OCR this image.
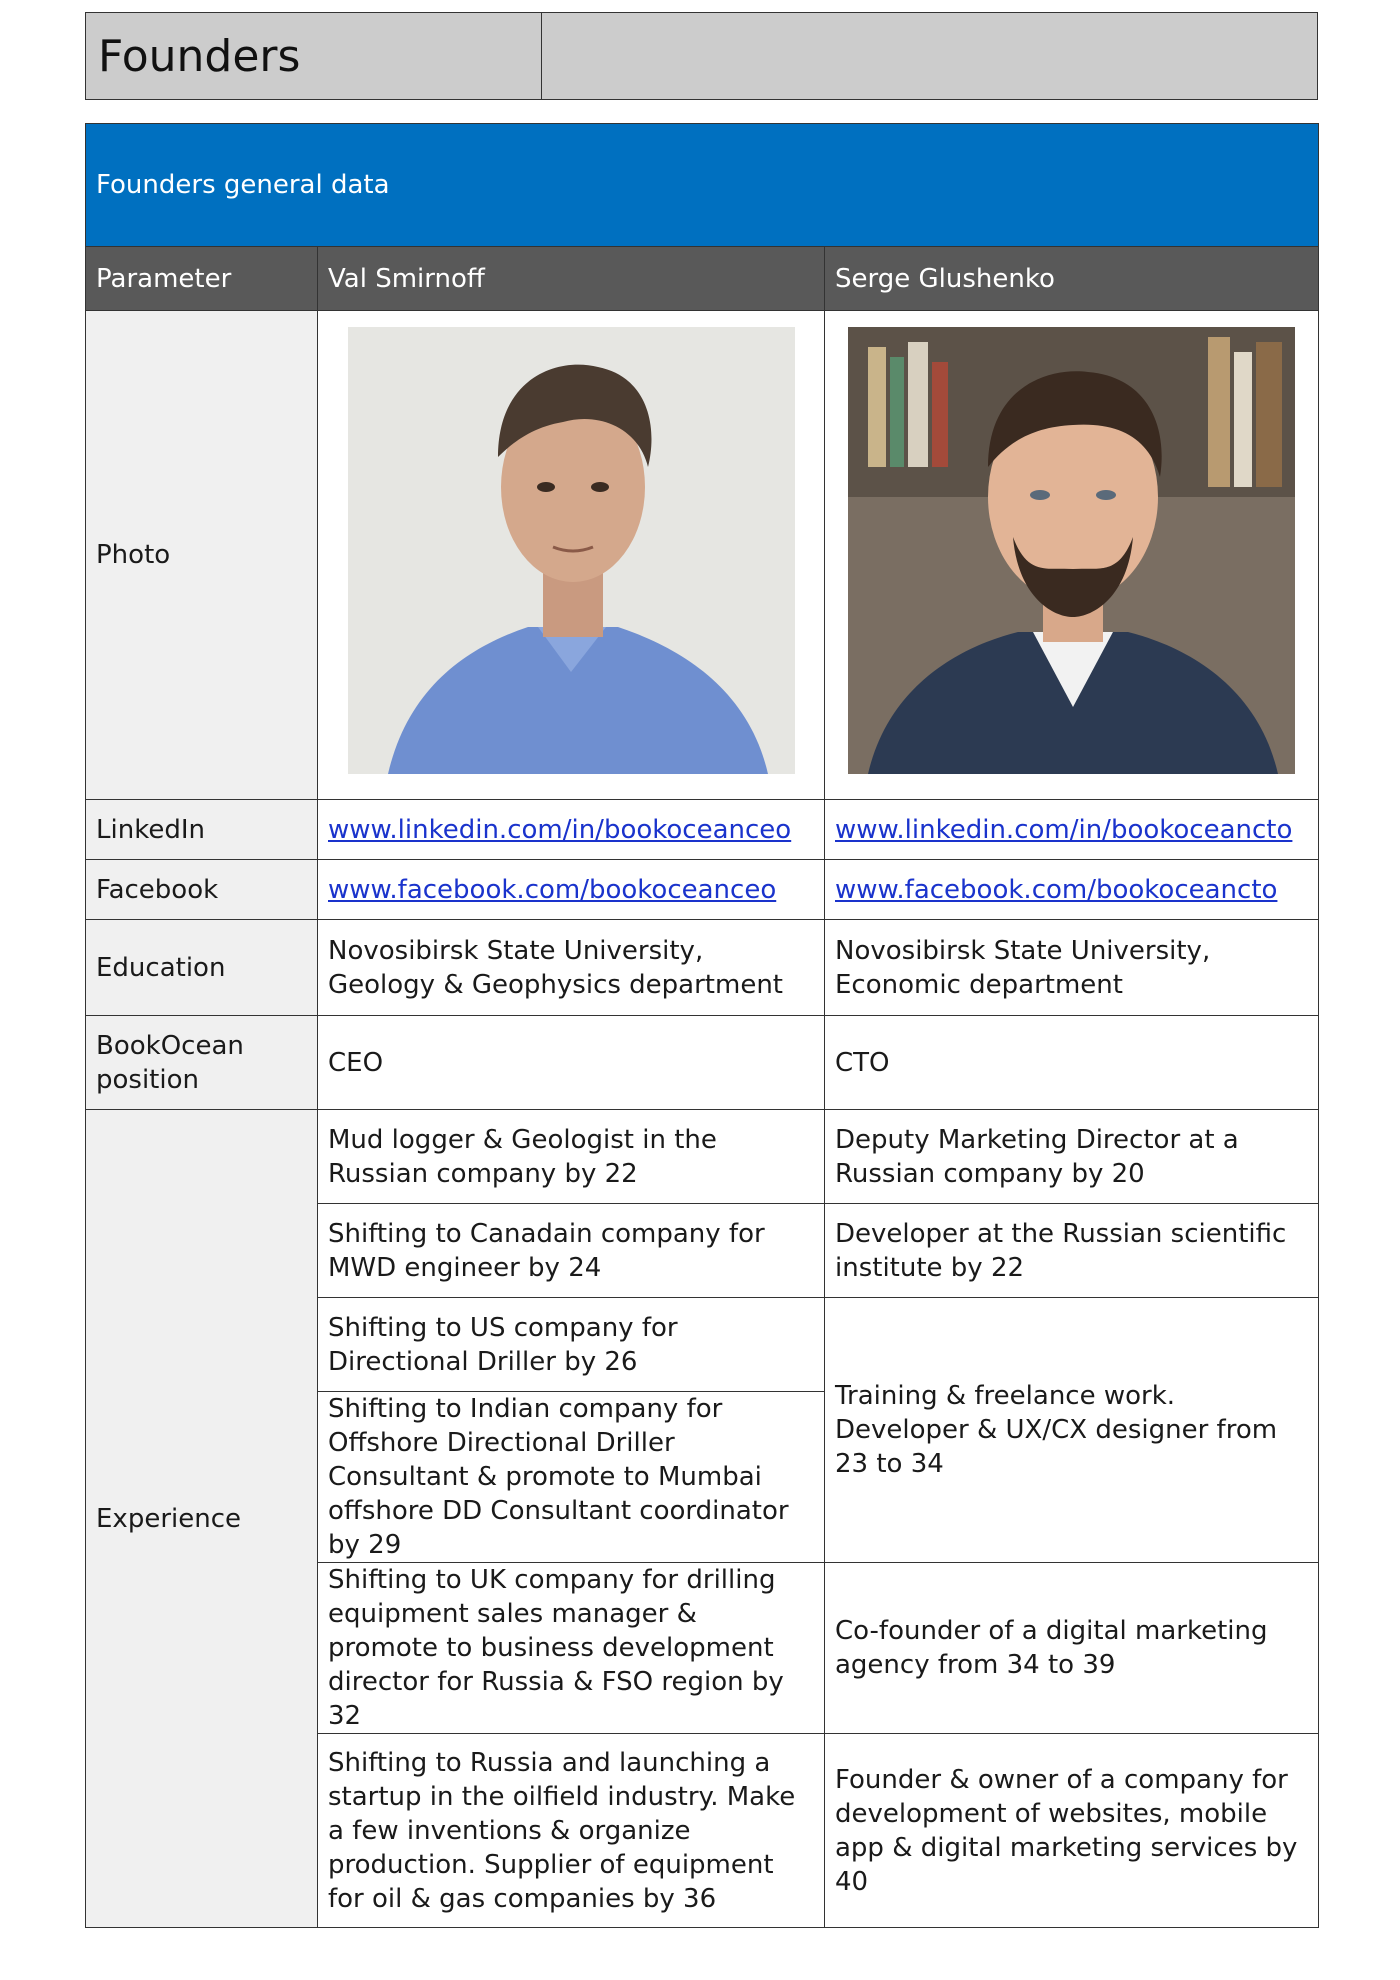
Founders
Founders general data		
Parameter	Val Smirnoff	Serge Glushenko
Photo		
LinkedIn	www.linkedin.com/in/bookoceanceo	www.linkedin.com/in/bookoceancto
Facebook	www.facebook.com/bookoceanceo	www.facebook.com/bookoceancto
Education	Novosibirsk State University, Geology & Geophysics department	Novosibirsk State University, Economic department
BookOcean position	CEO	CTO
Experience	Mud logger & Geologist in the Russian company by 22	Deputy Marketing Director at a Russian company by 20
	Shifting to Canadain company for MWD engineer by 24	Developer at the Russian scientific institute by 22
	Shifting to US company for Directional Driller by 26	Training & freelance work. Developer & UX/CX designer from 23 to 34
	Shifting to Indian company for Offshore Directional Driller Consultant & promote to Mumbai offshore DD Consultant coordinator by 29	
	Shifting to UK company for drilling equipment sales manager & promote to business development director for Russia & FSO region by 32	Co-founder of a digital marketing agency from 34 to 39
	Shifting to Russia and launching a startup in the oilfield industry. Make a few inventions & organize production. Supplier of equipment for oil & gas companies by 36	Founder & owner of a company for development of websites, mobile app & digital marketing services by 40
